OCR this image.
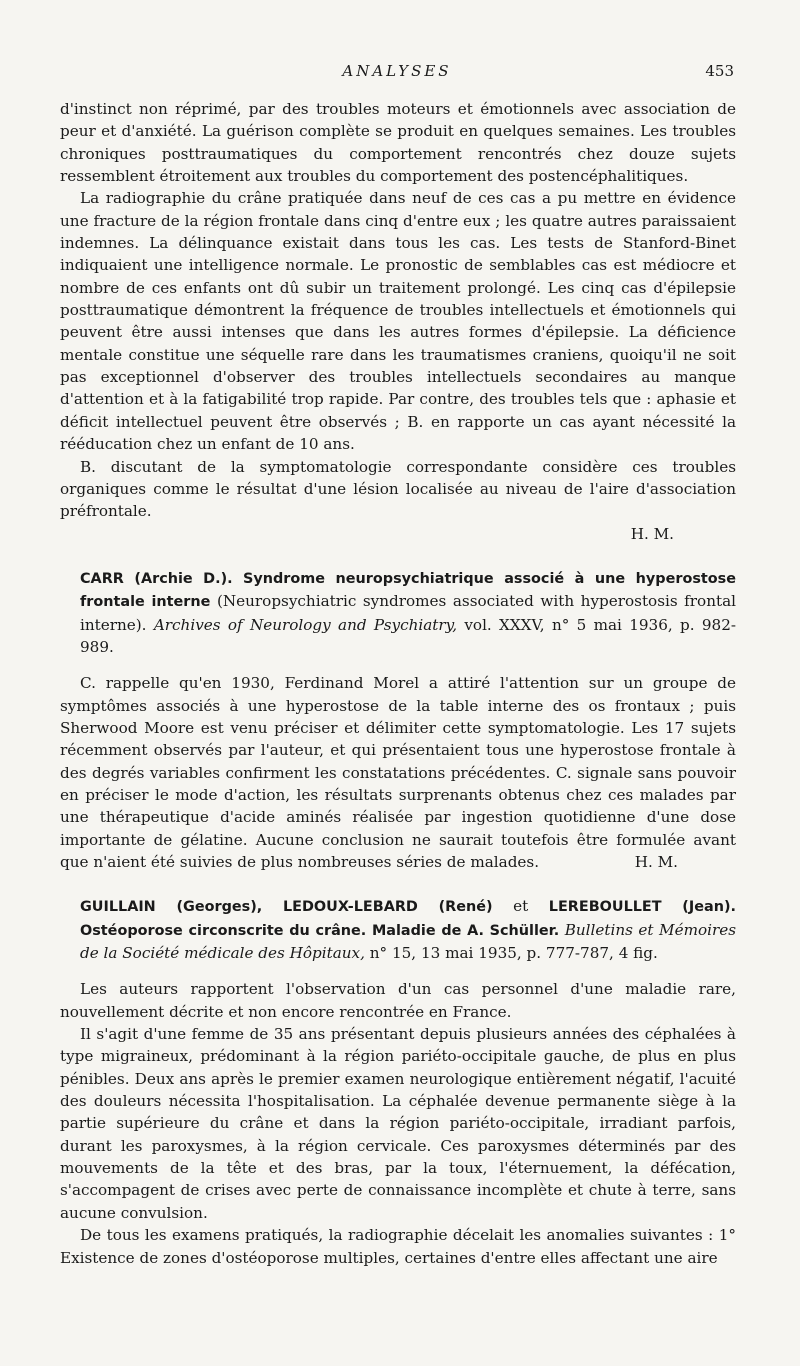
ANALYSES	453

d'instinct non réprimé, par des troubles moteurs et émotionnels avec association de peur et d'anxiété. La guérison complète se produit en quelques semaines. Les troubles chroniques posttraumatiques du comportement rencontrés chez douze sujets ressemblent étroitement aux troubles du comportement des postencéphalitiques.

La radiographie du crâne pratiquée dans neuf de ces cas a pu mettre en évidence une fracture de la région frontale dans cinq d'entre eux ; les quatre autres paraissaient indemnes. La délinquance existait dans tous les cas. Les tests de Stanford-Binet indiquaient une intelligence normale. Le pronostic de semblables cas est médiocre et nombre de ces enfants ont dû subir un traitement prolongé. Les cinq cas d'épilepsie posttraumatique démontrent la fréquence de troubles intellectuels et émotionnels qui peuvent être aussi intenses que dans les autres formes d'épilepsie. La déficience mentale constitue une séquelle rare dans les traumatismes craniens, quoiqu'il ne soit pas exceptionnel d'observer des troubles intellectuels secondaires au manque d'attention et à la fatigabilité trop rapide. Par contre, des troubles tels que : aphasie et déficit intellectuel peuvent être observés ; B. en rapporte un cas ayant nécessité la rééducation chez un enfant de 10 ans.

B. discutant de la symptomatologie correspondante considère ces troubles organiques comme le résultat d'une lésion localisée au niveau de l'aire d'association préfrontale.

H. M.

CARR (Archie D.). Syndrome neuropsychiatrique associé à une hyperostose frontale interne (Neuropsychiatric syndromes associated with hyperostosis frontal interne). Archives of Neurology and Psychiatry, vol. XXXV, n° 5 mai 1936, p. 982-989.

C. rappelle qu'en 1930, Ferdinand Morel a attiré l'attention sur un groupe de symptômes associés à une hyperostose de la table interne des os frontaux ; puis Sherwood Moore est venu préciser et délimiter cette symptomatologie. Les 17 sujets récemment observés par l'auteur, et qui présentaient tous une hyperostose frontale à des degrés variables confirment les constatations précédentes. C. signale sans pouvoir en préciser le mode d'action, les résultats surprenants obtenus chez ces malades par une thérapeutique d'acide aminés réalisée par ingestion quotidienne d'une dose importante de gélatine. Aucune conclusion ne saurait toutefois être formulée avant que n'aient été suivies de plus nombreuses séries de malades.	H. M.

GUILLAIN (Georges), LEDOUX-LEBARD (René) et LEREBOULLET (Jean). Ostéoporose circonscrite du crâne. Maladie de A. Schüller. Bulletins et Mémoires de la Société médicale des Hôpitaux, n° 15, 13 mai 1935, p. 777-787, 4 fig.

Les auteurs rapportent l'observation d'un cas personnel d'une maladie rare, nouvellement décrite et non encore rencontrée en France.

Il s'agit d'une femme de 35 ans présentant depuis plusieurs années des céphalées à type migraineux, prédominant à la région pariéto-occipitale gauche, de plus en plus pénibles. Deux ans après le premier examen neurologique entièrement négatif, l'acuité des douleurs nécessita l'hospitalisation. La céphalée devenue permanente siège à la partie supérieure du crâne et dans la région pariéto-occipitale, irradiant parfois, durant les paroxysmes, à la région cervicale. Ces paroxysmes déterminés par des mouvements de la tête et des bras, par la toux, l'éternuement, la défécation, s'accompagent de crises avec perte de connaissance incomplète et chute à terre, sans aucune convulsion.

De tous les examens pratiqués, la radiographie décelait les anomalies suivantes : 1° Existence de zones d'ostéoporose multiples, certaines d'entre elles affectant une aire
